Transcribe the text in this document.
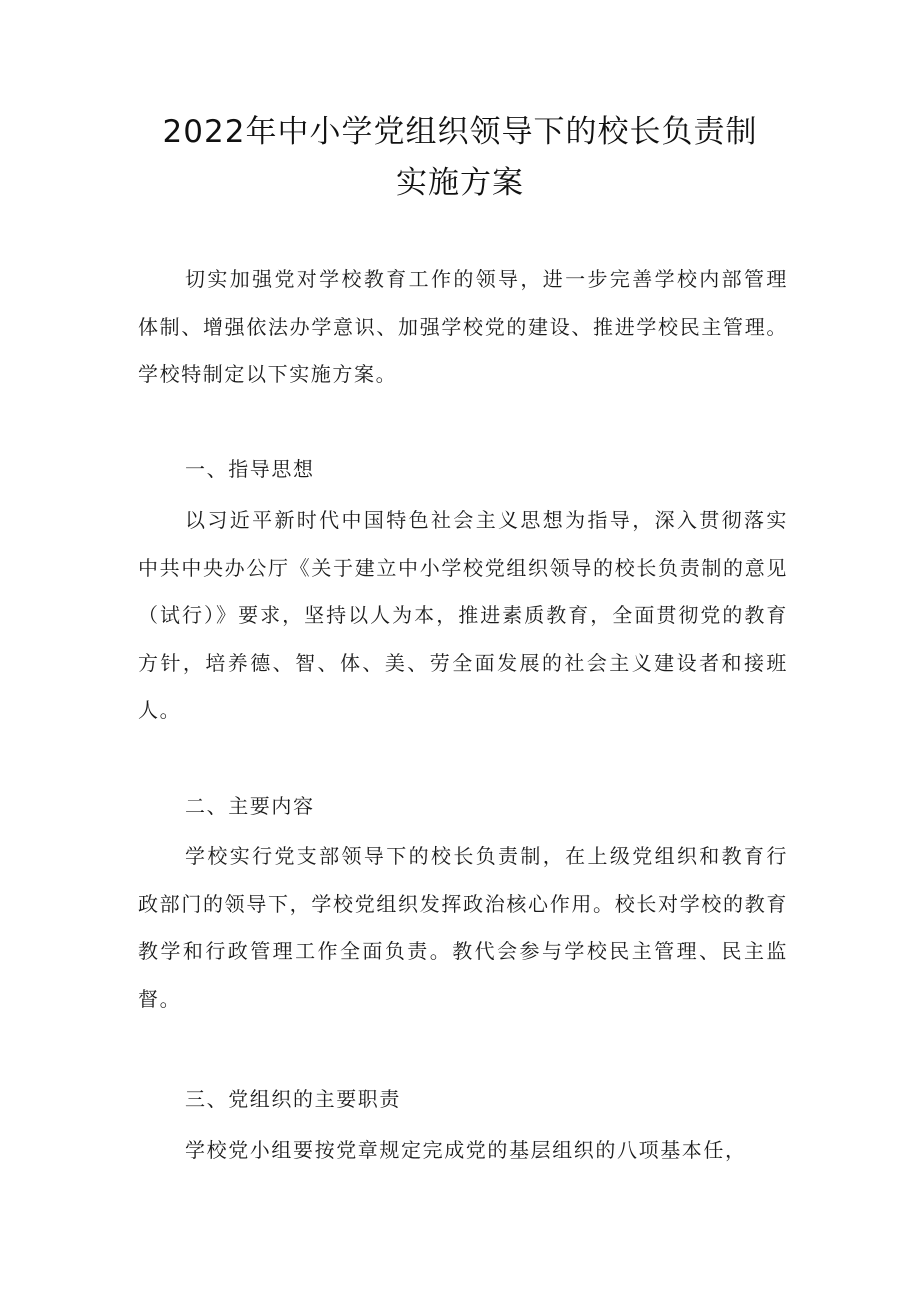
2022年中小学党组织领导下的校长负责制
实施方案

切实加强党对学校教育工作的领导，进一步完善学校内部管理体制、增强依法办学意识、加强学校党的建设、推进学校民主管理。学校特制定以下实施方案。

一、指导思想

以习近平新时代中国特色社会主义思想为指导，深入贯彻落实中共中央办公厅《关于建立中小学校党组织领导的校长负责制的意见（试行）》要求，坚持以人为本，推进素质教育，全面贯彻党的教育方针，培养德、智、体、美、劳全面发展的社会主义建设者和接班人。

二、主要内容

学校实行党支部领导下的校长负责制，在上级党组织和教育行政部门的领导下，学校党组织发挥政治核心作用。校长对学校的教育教学和行政管理工作全面负责。教代会参与学校民主管理、民主监督。

三、党组织的主要职责

学校党小组要按党章规定完成党的基层组织的八项基本任，
